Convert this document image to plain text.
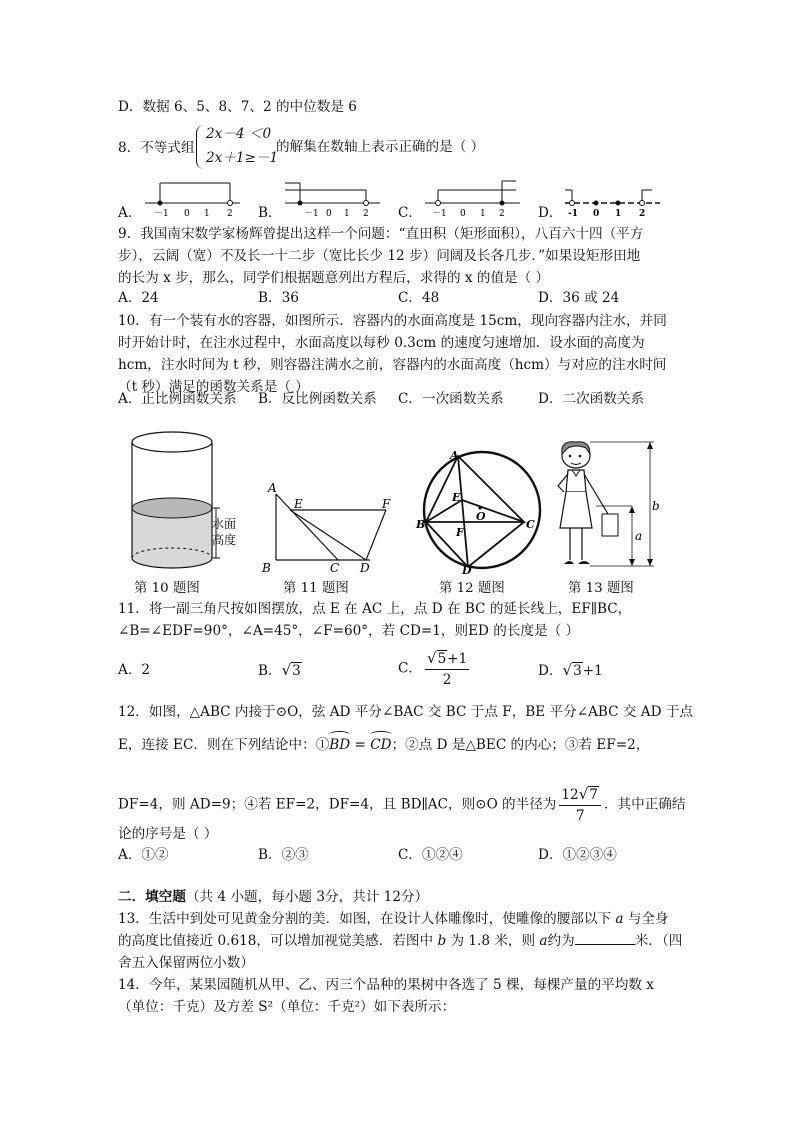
D．数据 6、5、8、7、2 的中位数是 6
8．不等式组
2x－4 ＜0
2x＋1≥－1
的解集在数轴上表示正确的是（ ）
A． －1 0 1 2 B． －1 0 1 2 C． －1 0 1 2 D． -1 0 1 2
9．我国南宋数学家杨辉曾提出这样一个问题：“直田积（矩形面积），八百六十四（平方
步），云阔（宽）不及长一十二步（宽比长少 12 步）问阔及长各几步．”如果设矩形田地
的长为 x 步，那么，同学们根据题意列出方程后，求得的 x 的值是（ ）
A．24	B．36	C．48	D．36 或 24
10．有一个装有水的容器，如图所示．容器内的水面高度是 15cm，现向容器内注水，并同
时开始计时，在注水过程中，水面高度以每秒 0.3cm 的速度匀速增加．设水面的高度为
hcm，注水时间为 t 秒，则容器注满水之前，容器内的水面高度（hcm）与对应的注水时间
（t 秒）满足的函数关系是（ ）
A．正比例函数关系 B．反比例函数关系 C．一次函数关系	D．二次函数关系
水面
高度
A
E	F
B	C D
A
E
O
B	C
F
D
b
a
第 10 题图	第 11 题图	第 12 题图	第 13 题图
11．将一副三角尺按如图摆放，点 E 在 AC 上，点 D 在 BC 的延长线上，EF∥BC，
∠B=∠EDF=90°，∠A=45°，∠F=60°，若 CD=1，则ED 的长度是（ ）
A．2	B．√3	C． $\frac{√5+1}{2}$	D．√3+1
12．如图，△ABC 内接于⊙O，弦 AD 平分∠BAC 交 BC 于点 F，BE 平分∠ABC 交 AD 于点
E，连接 EC．则在下列结论中：①
BD =
CD；②点 D 是△BEC 的内心；③若 EF=2，
DF=4，则 AD=9；④若 EF=2，DF=4，且 BD∥AC，则⊙O 的半径为 $\frac{12√7}{7}$ ．其中正确结
论的序号是（ ）
A．①②	B．②③	C．①②④	D．①②③④
二．填空题（共 4 小题，每小题 3分，共计 12分）
13．生活中到处可见黄金分割的美．如图，在设计人体雕像时，使雕像的腰部以下 a 与全身
的高度比值接近 0.618，可以增加视觉美感．若图中 b 为 1.8 米，则 a约为	米．（四
舍五入保留两位小数）
14．今年，某果园随机从甲、乙、丙三个品种的果树中各选了 5 棵，每棵产量的平均数 x
（单位：千克）及方差 S²（单位：千克²）如下表所示：
